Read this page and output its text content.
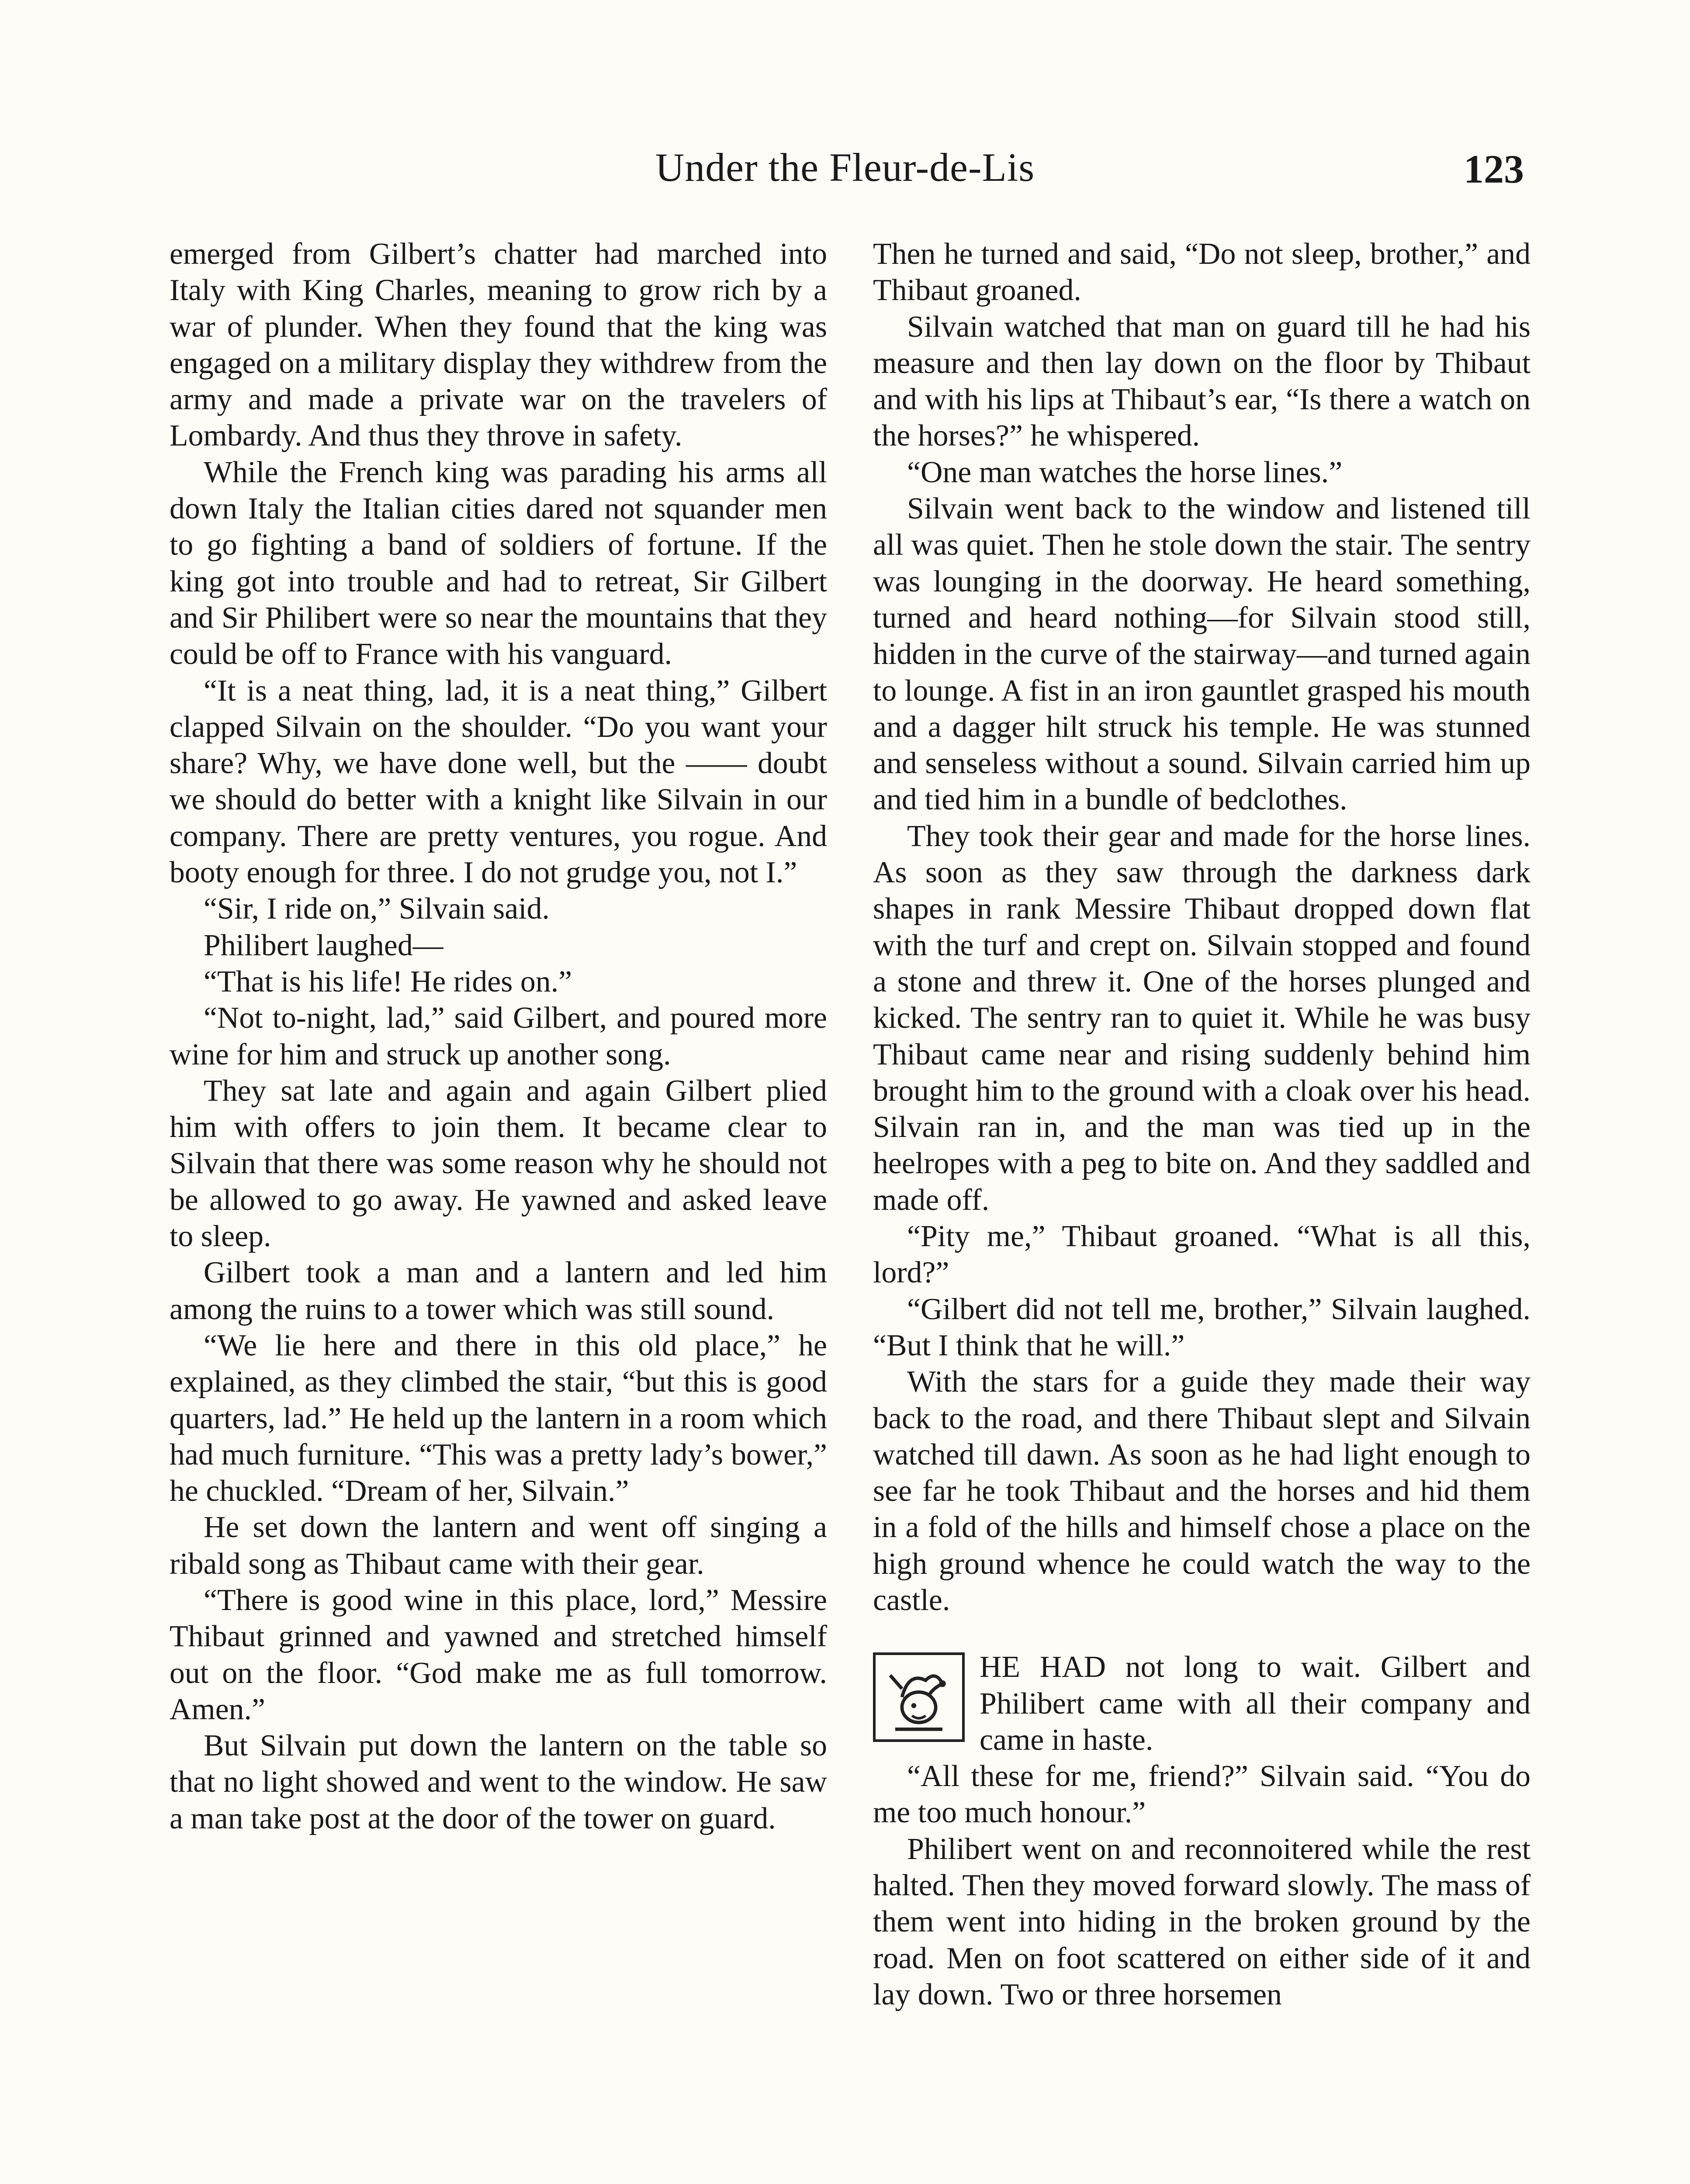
Under the Fleur-de-Lis	123

emerged from Gilbert’s chatter had marched into Italy with King Charles, meaning to grow rich by a war of plunder. When they found that the king was engaged on a military display they withdrew from the army and made a private war on the travelers of Lombardy. And thus they throve in safety.

While the French king was parading his arms all down Italy the Italian cities dared not squander men to go fighting a band of soldiers of fortune. If the king got into trouble and had to retreat, Sir Gilbert and Sir Philibert were so near the mountains that they could be off to France with his vanguard.

“It is a neat thing, lad, it is a neat thing,” Gilbert clapped Silvain on the shoulder. “Do you want your share? Why, we have done well, but the —— doubt we should do better with a knight like Silvain in our company. There are pretty ventures, you rogue. And booty enough for three. I do not grudge you, not I.”

“Sir, I ride on,” Silvain said.

Philibert laughed—

“That is his life! He rides on.”

“Not to-night, lad,” said Gilbert, and poured more wine for him and struck up another song.

They sat late and again and again Gilbert plied him with offers to join them. It became clear to Silvain that there was some reason why he should not be allowed to go away. He yawned and asked leave to sleep.

Gilbert took a man and a lantern and led him among the ruins to a tower which was still sound.

“We lie here and there in this old place,” he explained, as they climbed the stair, “but this is good quarters, lad.” He held up the lantern in a room which had much furniture. “This was a pretty lady’s bower,” he chuckled. “Dream of her, Silvain.”

He set down the lantern and went off singing a ribald song as Thibaut came with their gear.

“There is good wine in this place, lord,” Messire Thibaut grinned and yawned and stretched himself out on the floor. “God make me as full tomorrow. Amen.”

But Silvain put down the lantern on the table so that no light showed and went to the window. He saw a man take post at the door of the tower on guard.

Then he turned and said, “Do not sleep, brother,” and Thibaut groaned.

Silvain watched that man on guard till he had his measure and then lay down on the floor by Thibaut and with his lips at Thibaut’s ear, “Is there a watch on the horses?” he whispered.

“One man watches the horse lines.”

Silvain went back to the window and listened till all was quiet. Then he stole down the stair. The sentry was lounging in the doorway. He heard something, turned and heard nothing—for Silvain stood still, hidden in the curve of the stairway—and turned again to lounge. A fist in an iron gauntlet grasped his mouth and a dagger hilt struck his temple. He was stunned and senseless without a sound. Silvain carried him up and tied him in a bundle of bedclothes.

They took their gear and made for the horse lines. As soon as they saw through the darkness dark shapes in rank Messire Thibaut dropped down flat with the turf and crept on. Silvain stopped and found a stone and threw it. One of the horses plunged and kicked. The sentry ran to quiet it. While he was busy Thibaut came near and rising suddenly behind him brought him to the ground with a cloak over his head. Silvain ran in, and the man was tied up in the heelropes with a peg to bite on. And they saddled and made off.

“Pity me,” Thibaut groaned. “What is all this, lord?”

“Gilbert did not tell me, brother,” Silvain laughed. “But I think that he will.”

With the stars for a guide they made their way back to the road, and there Thibaut slept and Silvain watched till dawn. As soon as he had light enough to see far he took Thibaut and the horses and hid them in a fold of the hills and himself chose a place on the high ground whence he could watch the way to the castle.

HE HAD not long to wait. Gilbert and Philibert came with all their company and came in haste.

“All these for me, friend?” Silvain said. “You do me too much honour.”

Philibert went on and reconnoitered while the rest halted. Then they moved forward slowly. The mass of them went into hiding in the broken ground by the road. Men on foot scattered on either side of it and lay down. Two or three horsemen
